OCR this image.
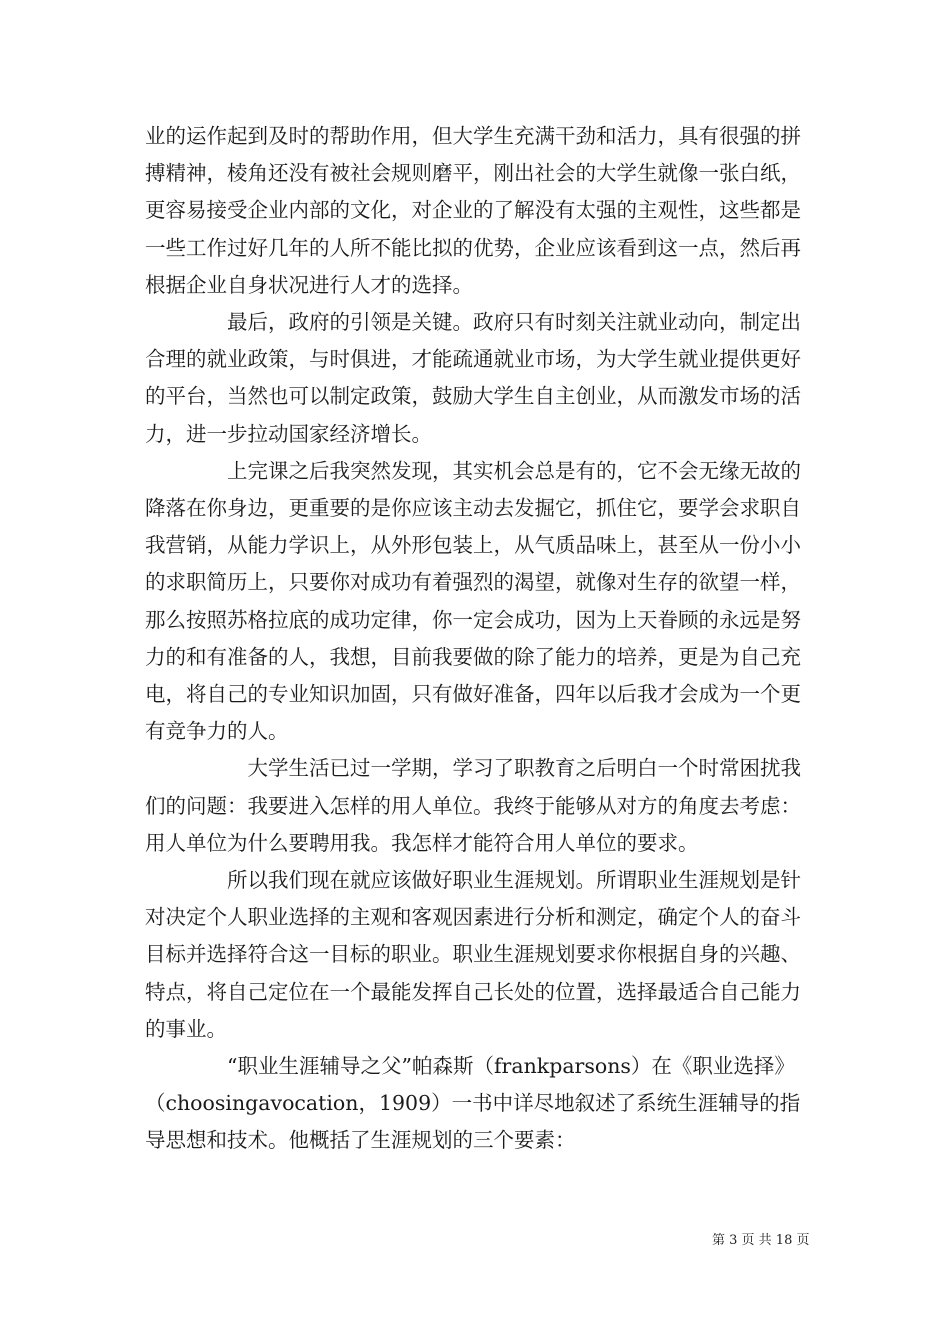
业的运作起到及时的帮助作用，但大学生充满干劲和活力，具有很强的拼搏精神，棱角还没有被社会规则磨平，刚出社会的大学生就像一张白纸，更容易接受企业内部的文化，对企业的了解没有太强的主观性，这些都是一些工作过好几年的人所不能比拟的优势，企业应该看到这一点，然后再根据企业自身状况进行人才的选择。

　　　　最后，政府的引领是关键。政府只有时刻关注就业动向，制定出合理的就业政策，与时俱进，才能疏通就业市场，为大学生就业提供更好的平台，当然也可以制定政策，鼓励大学生自主创业，从而激发市场的活力，进一步拉动国家经济增长。

　　　　上完课之后我突然发现，其实机会总是有的，它不会无缘无故的降落在你身边，更重要的是你应该主动去发掘它，抓住它，要学会求职自我营销，从能力学识上，从外形包装上，从气质品味上，甚至从一份小小的求职简历上，只要你对成功有着强烈的渴望，就像对生存的欲望一样，那么按照苏格拉底的成功定律，你一定会成功，因为上天眷顾的永远是努力的和有准备的人，我想，目前我要做的除了能力的培养，更是为自己充电，将自己的专业知识加固，只有做好准备，四年以后我才会成为一个更有竞争力的人。

　　　　　大学生活已过一学期，学习了职教育之后明白一个时常困扰我们的问题：我要进入怎样的用人单位。我终于能够从对方的角度去考虑：用人单位为什么要聘用我。我怎样才能符合用人单位的要求。

　　　　所以我们现在就应该做好职业生涯规划。所谓职业生涯规划是针对决定个人职业选择的主观和客观因素进行分析和测定，确定个人的奋斗目标并选择符合这一目标的职业。职业生涯规划要求你根据自身的兴趣、特点，将自己定位在一个最能发挥自己长处的位置，选择最适合自己能力的事业。

　　　　“职业生涯辅导之父”帕森斯（frankparsons）在《职业选择》（choosingavocation，1909）一书中详尽地叙述了系统生涯辅导的指导思想和技术。他概括了生涯规划的三个要素：

第 3 页 共 18 页
